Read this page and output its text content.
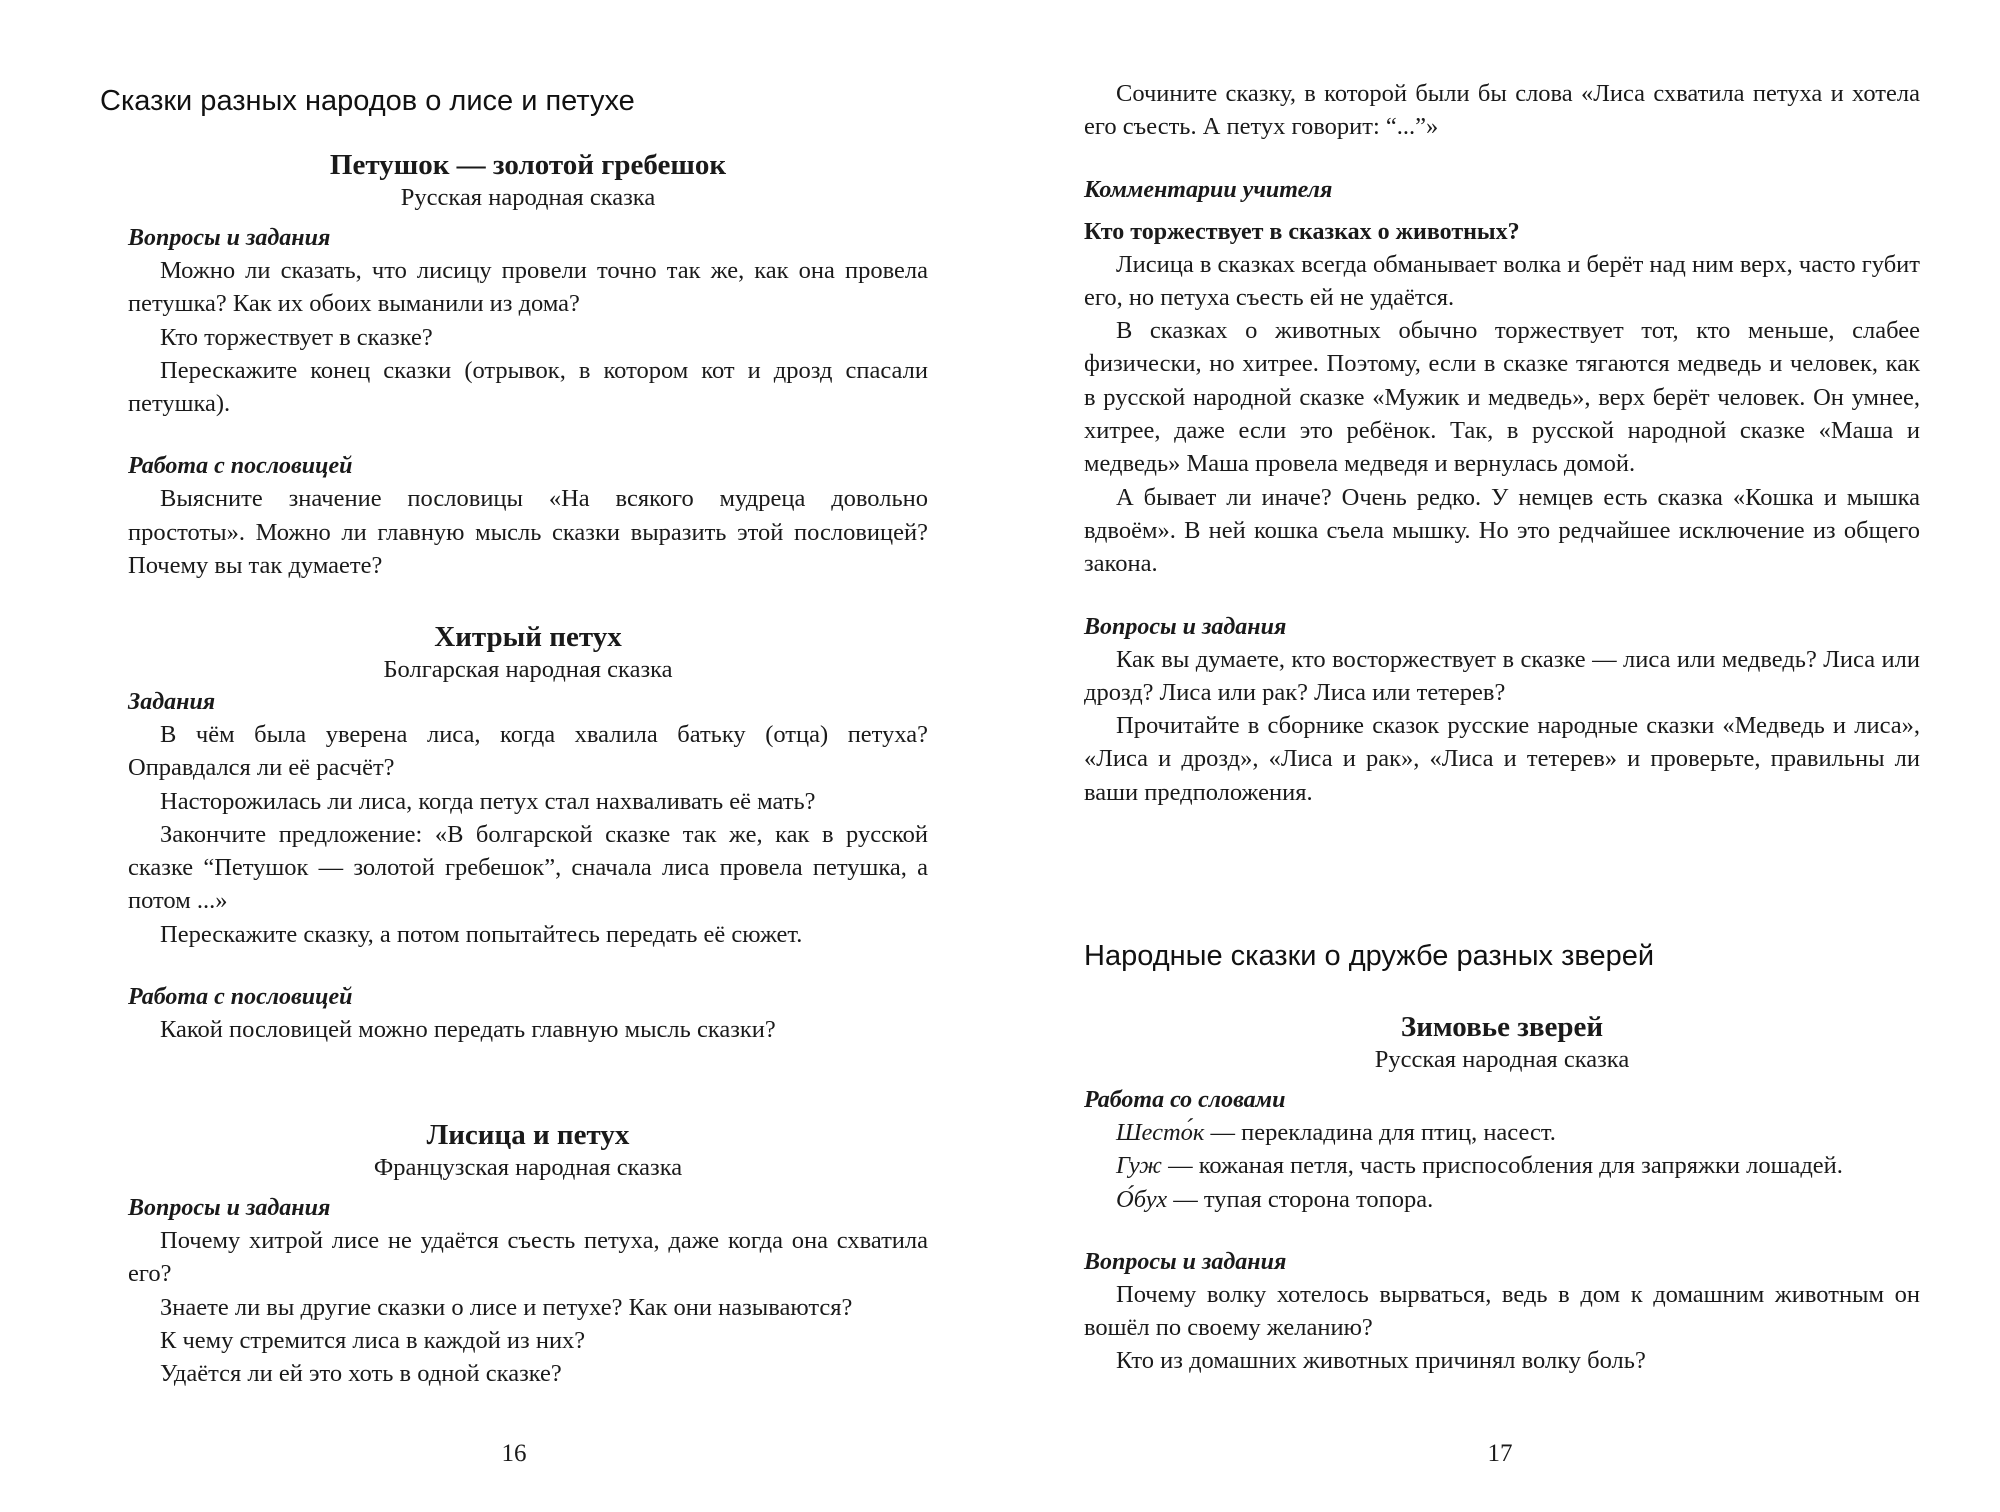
Сказки разных народов о лисе и петухе
Петушок — золотой гребешок
Русская народная сказка
Вопросы и задания

Можно ли сказать, что лисицу провели точно так же, как она провела петушка? Как их обоих выманили из дома?

Кто торжествует в сказке?

Перескажите конец сказки (отрывок, в котором кот и дрозд спасали петушка).

Работа с пословицей

Выясните значение пословицы «На всякого мудреца довольно простоты». Можно ли главную мысль сказки выразить этой пословицей? Почему вы так думаете?

Хитрый петух
Болгарская народная сказка
Задания

В чём была уверена лиса, когда хвалила батьку (отца) петуха? Оправдался ли её расчёт?

Насторожилась ли лиса, когда петух стал нахваливать её мать?

Закончите предложение: «В болгарской сказке так же, как в русской сказке “Петушок — золотой гребешок”, сначала лиса провела петушка, а потом ...»

Перескажите сказку, а потом попытайтесь передать её сюжет.

Работа с пословицей

Какой пословицей можно передать главную мысль сказки?

Лисица и петух
Французская народная сказка
Вопросы и задания

Почему хитрой лисе не удаётся съесть петуха, даже когда она схватила его?

Знаете ли вы другие сказки о лисе и петухе? Как они называются?

К чему стремится лиса в каждой из них?

Удаётся ли ей это хоть в одной сказке?

16

Сочините сказку, в которой были бы слова «Лиса схватила петуха и хотела его съесть. А петух говорит: “...”»

Комментарии учителя
Кто торжествует в сказках о животных?

Лисица в сказках всегда обманывает волка и берёт над ним верх, часто губит его, но петуха съесть ей не удаётся.

В сказках о животных обычно торжествует тот, кто меньше, слабее физически, но хитрее. Поэтому, если в сказке тягаются медведь и человек, как в русской народной сказке «Мужик и медведь», верх берёт человек. Он умнее, хитрее, даже если это ребёнок. Так, в русской народной сказке «Маша и медведь» Маша провела медведя и вернулась домой.

А бывает ли иначе? Очень редко. У немцев есть сказка «Кошка и мышка вдвоём». В ней кошка съела мышку. Но это редчайшее исключение из общего закона.

Вопросы и задания

Как вы думаете, кто восторжествует в сказке — лиса или медведь? Лиса или дрозд? Лиса или рак? Лиса или тетерев?

Прочитайте в сборнике сказок русские народные сказки «Медведь и лиса», «Лиса и дрозд», «Лиса и рак», «Лиса и тетерев» и проверьте, правильны ли ваши предположения.

Народные сказки о дружбе разных зверей
Зимовье зверей
Русская народная сказка
Работа со словами

Шесто́к — перекладина для птиц, насест.

Гуж — кожаная петля, часть приспособления для запряжки лошадей.

О́бух — тупая сторона топора.

Вопросы и задания

Почему волку хотелось вырваться, ведь в дом к домашним животным он вошёл по своему желанию?

Кто из домашних животных причинял волку боль?

17
